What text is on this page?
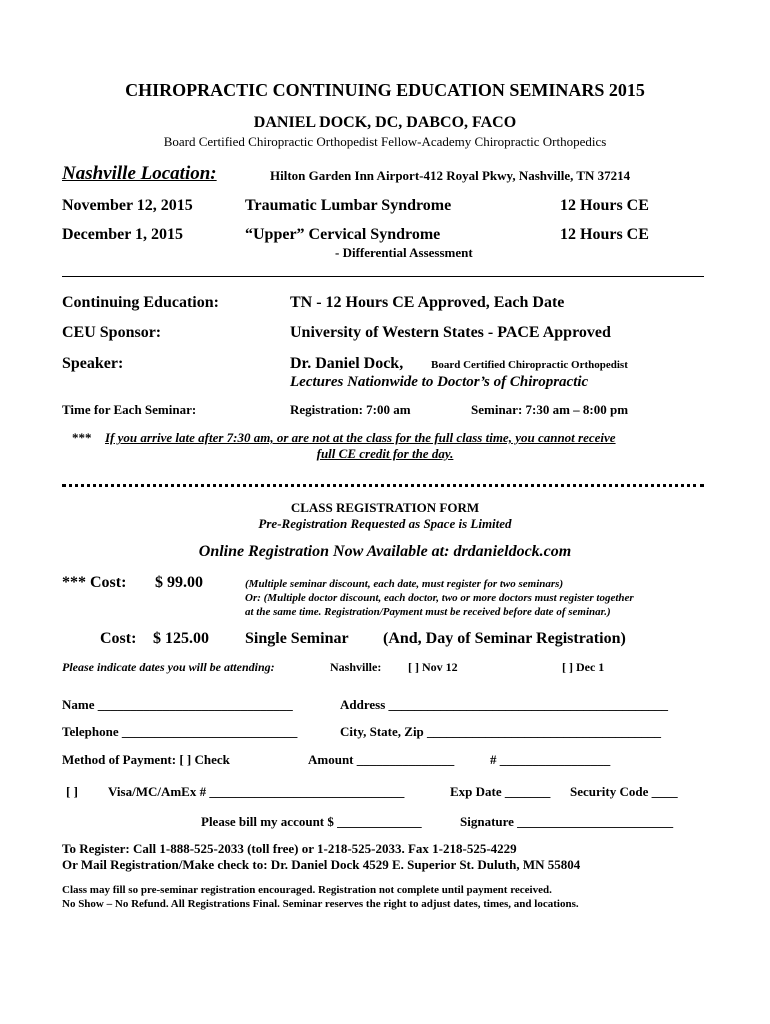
CHIROPRACTIC CONTINUING EDUCATION SEMINARS 2015
DANIEL DOCK, DC, DABCO, FACO
Board Certified Chiropractic Orthopedist Fellow-Academy Chiropractic Orthopedics
Nashville Location:	Hilton Garden Inn Airport-412 Royal Pkwy, Nashville, TN 37214
November 12, 2015	Traumatic Lumbar Syndrome	12 Hours CE
December 1, 2015	“Upper” Cervical Syndrome	12 Hours CE
- Differential Assessment
Continuing Education:	TN - 12 Hours CE Approved, Each Date
CEU Sponsor:	University of Western States - PACE Approved
Speaker:	Dr. Daniel Dock,	Board Certified Chiropractic Orthopedist
Lectures Nationwide to Doctor’s of Chiropractic
Time for Each Seminar:	Registration: 7:00 am	Seminar: 7:30 am – 8:00 pm
*** If you arrive late after 7:30 am, or are not at the class for the full class time, you cannot receive
full CE credit for the day.
CLASS REGISTRATION FORM
Pre-Registration Requested as Space is Limited
Online Registration Now Available at: drdanieldock.com
*** Cost: $ 99.00	(Multiple seminar discount, each date, must register for two seminars)
Or: (Multiple doctor discount, each doctor, two or more doctors must register together
at the same time. Registration/Payment must be received before date of seminar.)
Cost: $ 125.00 Single Seminar (And, Day of Seminar Registration)
Please indicate dates you will be attending:	Nashville: [ ] Nov 12	[ ] Dec 1
Name ______________________________	Address ___________________________________________
Telephone ___________________________	City, State, Zip ____________________________________
Method of Payment: [ ] Check	Amount _______________	# _________________
[ ] Visa/MC/AmEx # ______________________________	Exp Date _______ Security Code ____
Please bill my account $ _____________	Signature ________________________
To Register: Call 1-888-525-2033 (toll free) or 1-218-525-2033. Fax 1-218-525-4229
Or Mail Registration/Make check to: Dr. Daniel Dock 4529 E. Superior St. Duluth, MN 55804
Class may fill so pre-seminar registration encouraged. Registration not complete until payment received.
No Show – No Refund. All Registrations Final. Seminar reserves the right to adjust dates, times, and locations.
